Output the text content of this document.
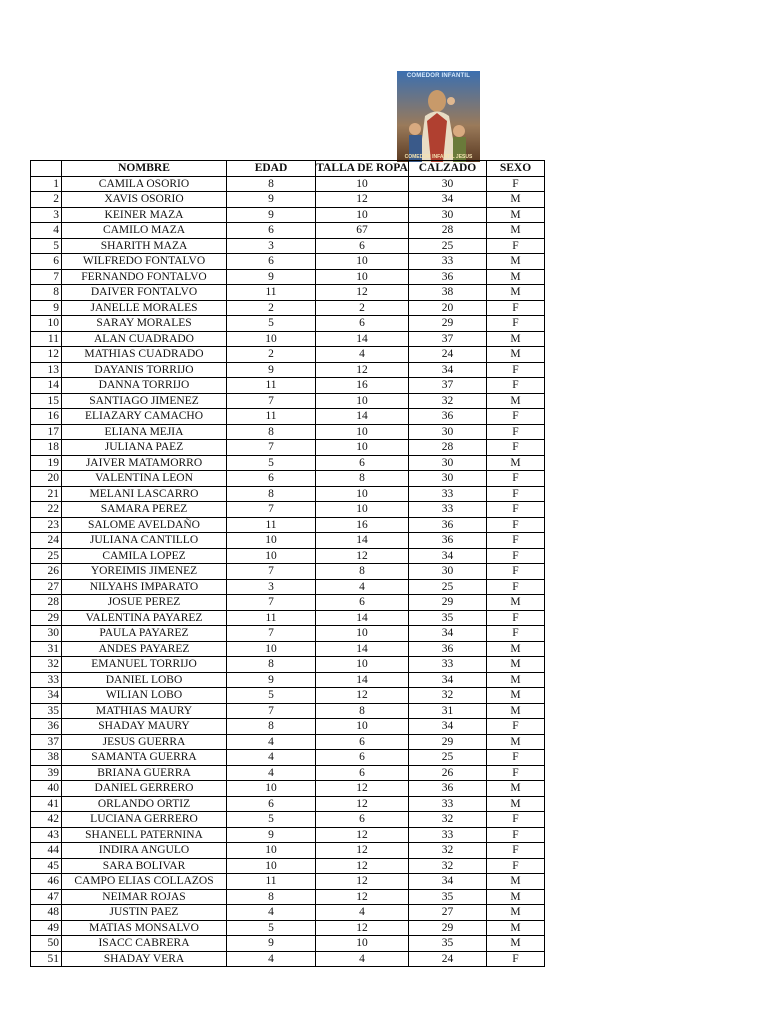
COMEDOR INFANTIL
COMEDOR INFANTIL JESUS
	NOMBRE	EDAD	TALLA DE ROPA	CALZADO	SEXO
1	CAMILA OSORIO	8	10	30	F
2	XAVIS OSORIO	9	12	34	M
3	KEINER MAZA	9	10	30	M
4	CAMILO MAZA	6	67	28	M
5	SHARITH MAZA	3	6	25	F
6	WILFREDO FONTALVO	6	10	33	M
7	FERNANDO FONTALVO	9	10	36	M
8	DAIVER FONTALVO	11	12	38	M
9	JANELLE MORALES	2	2	20	F
10	SARAY MORALES	5	6	29	F
11	ALAN CUADRADO	10	14	37	M
12	MATHIAS CUADRADO	2	4	24	M
13	DAYANIS TORRIJO	9	12	34	F
14	DANNA TORRIJO	11	16	37	F
15	SANTIAGO JIMENEZ	7	10	32	M
16	ELIAZARY CAMACHO	11	14	36	F
17	ELIANA MEJIA	8	10	30	F
18	JULIANA PAEZ	7	10	28	F
19	JAIVER MATAMORRO	5	6	30	M
20	VALENTINA LEON	6	8	30	F
21	MELANI LASCARRO	8	10	33	F
22	SAMARA PEREZ	7	10	33	F
23	SALOME AVELDAÑO	11	16	36	F
24	JULIANA CANTILLO	10	14	36	F
25	CAMILA LOPEZ	10	12	34	F
26	YOREIMIS JIMENEZ	7	8	30	F
27	NILYAHS IMPARATO	3	4	25	F
28	JOSUE PEREZ	7	6	29	M
29	VALENTINA PAYAREZ	11	14	35	F
30	PAULA PAYAREZ	7	10	34	F
31	ANDES PAYAREZ	10	14	36	M
32	EMANUEL TORRIJO	8	10	33	M
33	DANIEL LOBO	9	14	34	M
34	WILIAN LOBO	5	12	32	M
35	MATHIAS MAURY	7	8	31	M
36	SHADAY MAURY	8	10	34	F
37	JESUS GUERRA	4	6	29	M
38	SAMANTA GUERRA	4	6	25	F
39	BRIANA GUERRA	4	6	26	F
40	DANIEL GERRERO	10	12	36	M
41	ORLANDO ORTIZ	6	12	33	M
42	LUCIANA GERRERO	5	6	32	F
43	SHANELL PATERNINA	9	12	33	F
44	INDIRA ANGULO	10	12	32	F
45	SARA BOLIVAR	10	12	32	F
46	CAMPO ELIAS COLLAZOS	11	12	34	M
47	NEIMAR ROJAS	8	12	35	M
48	JUSTIN PAEZ	4	4	27	M
49	MATIAS MONSALVO	5	12	29	M
50	ISACC CABRERA	9	10	35	M
51	SHADAY VERA	4	4	24	F
